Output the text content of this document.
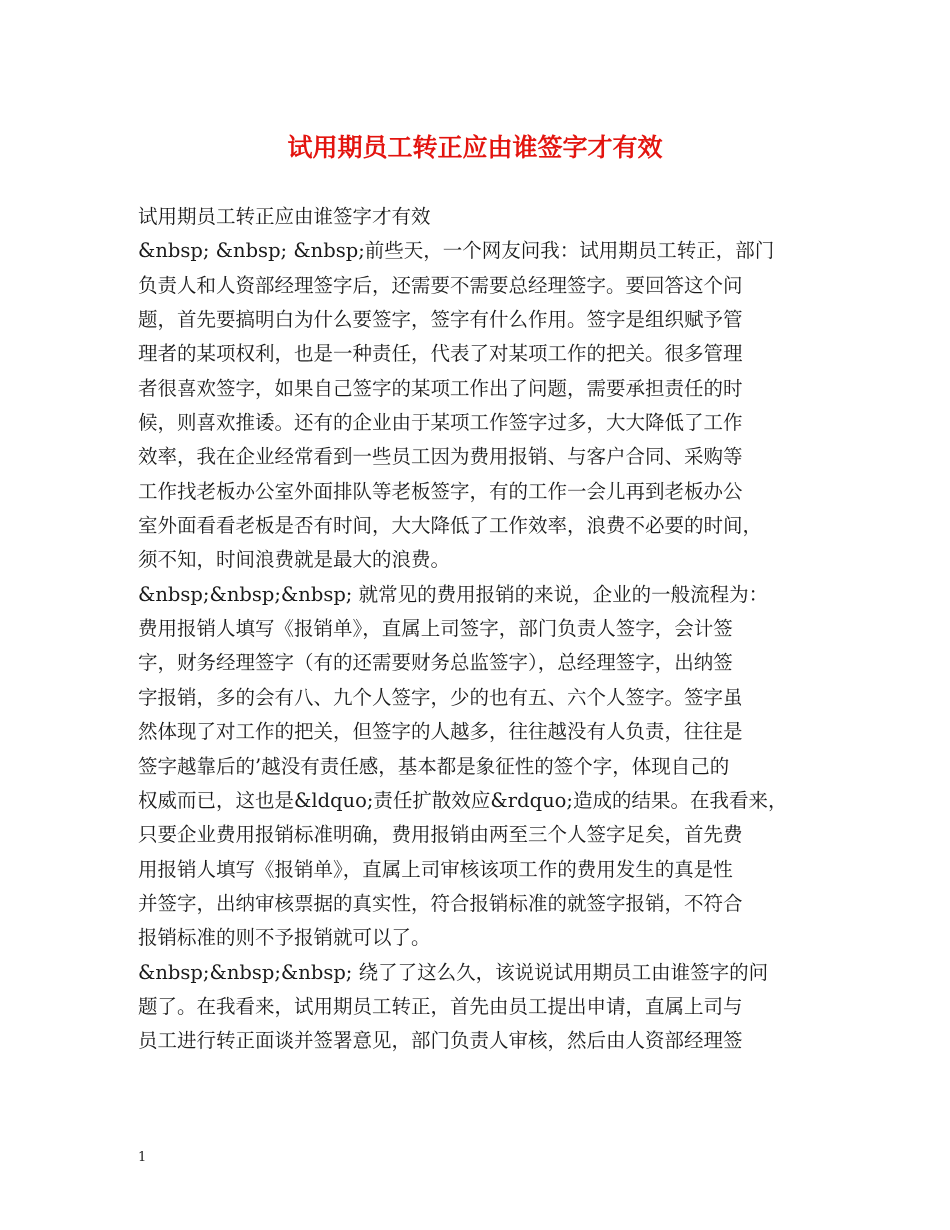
试用期员工转正应由谁签字才有效
试用期员工转正应由谁签字才有效
&nbsp; &nbsp; &nbsp;前些天，一个网友问我：试用期员工转正，部门
负责人和人资部经理签字后，还需要不需要总经理签字。要回答这个问
题，首先要搞明白为什么要签字，签字有什么作用。签字是组织赋予管
理者的某项权利，也是一种责任，代表了对某项工作的把关。很多管理
者很喜欢签字，如果自己签字的某项工作出了问题，需要承担责任的时
候，则喜欢推诿。还有的企业由于某项工作签字过多，大大降低了工作
效率，我在企业经常看到一些员工因为费用报销、与客户合同、采购等
工作找老板办公室外面排队等老板签字，有的工作一会儿再到老板办公
室外面看看老板是否有时间，大大降低了工作效率，浪费不必要的时间，
须不知，时间浪费就是最大的浪费。
&nbsp;&nbsp;&nbsp; 就常见的费用报销的来说，企业的一般流程为：
费用报销人填写《报销单》，直属上司签字，部门负责人签字，会计签
字，财务经理签字（有的还需要财务总监签字），总经理签字，出纳签
字报销，多的会有八、九个人签字，少的也有五、六个人签字。签字虽
然体现了对工作的把关，但签字的人越多，往往越没有人负责，往往是
签字越靠后的’越没有责任感，基本都是象征性的签个字，体现自己的
权威而已，这也是&ldquo;责任扩散效应&rdquo;造成的结果。在我看来，
只要企业费用报销标准明确，费用报销由两至三个人签字足矣，首先费
用报销人填写《报销单》，直属上司审核该项工作的费用发生的真是性
并签字，出纳审核票据的真实性，符合报销标准的就签字报销，不符合
报销标准的则不予报销就可以了。
&nbsp;&nbsp;&nbsp; 绕了了这么久，该说说试用期员工由谁签字的问
题了。在我看来，试用期员工转正，首先由员工提出申请，直属上司与
员工进行转正面谈并签署意见，部门负责人审核，然后由人资部经理签
1
